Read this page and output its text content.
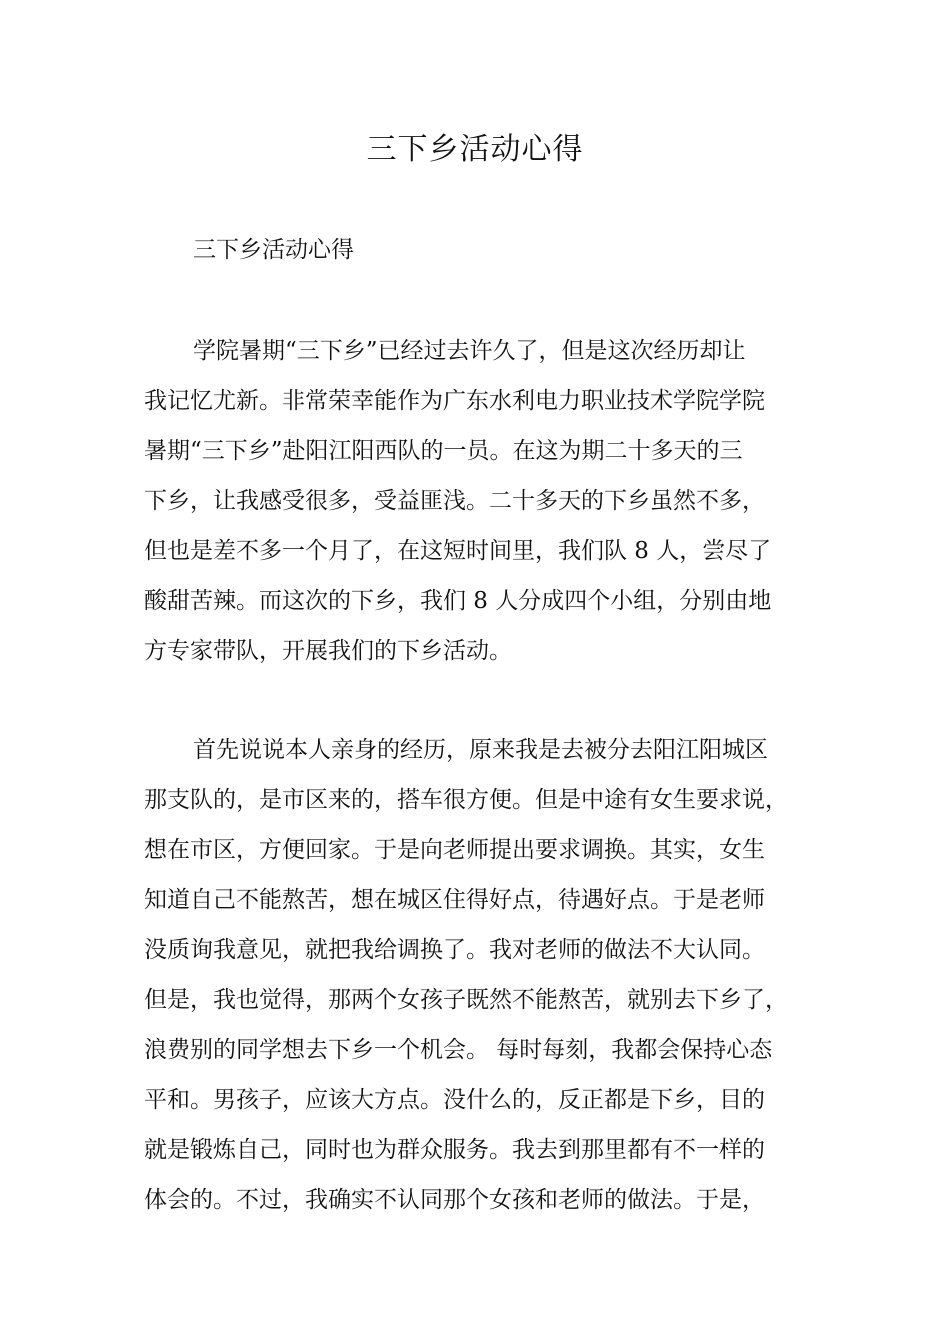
三下乡活动心得
三下乡活动心得
学院暑期“三下乡”已经过去许久了，但是这次经历却让
我记忆尤新。非常荣幸能作为广东水利电力职业技术学院学院
暑期“三下乡”赴阳江阳西队的一员。在这为期二十多天的三
下乡，让我感受很多，受益匪浅。二十多天的下乡虽然不多，
但也是差不多一个月了，在这短时间里，我们队 8 人，尝尽了
酸甜苦辣。而这次的下乡，我们 8 人分成四个小组，分别由地
方专家带队，开展我们的下乡活动。
首先说说本人亲身的经历，原来我是去被分去阳江阳城区
那支队的，是市区来的，搭车很方便。但是中途有女生要求说，
想在市区，方便回家。于是向老师提出要求调换。其实，女生
知道自己不能熬苦，想在城区住得好点，待遇好点。于是老师
没质询我意见，就把我给调换了。我对老师的做法不大认同。
但是，我也觉得，那两个女孩子既然不能熬苦，就别去下乡了，
浪费别的同学想去下乡一个机会。 每时每刻，我都会保持心态
平和。男孩子，应该大方点。没什么的，反正都是下乡，目的
就是锻炼自己，同时也为群众服务。我去到那里都有不一样的
体会的。不过，我确实不认同那个女孩和老师的做法。于是，
